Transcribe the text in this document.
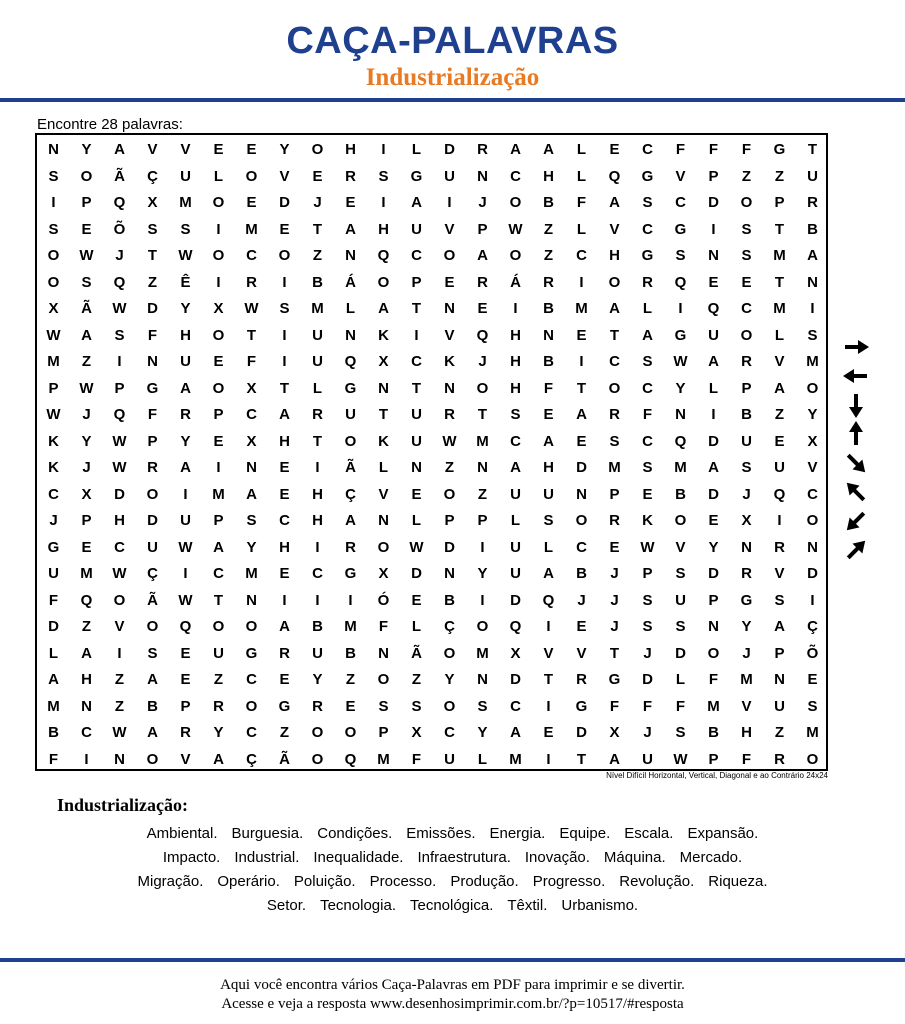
CAÇA-PALAVRAS
Industrialização
Encontre 28 palavras:
N	Y	A	V	V	E	E	Y	O	H	I	L	D	R	A	A	L	E	C	F	F	F	G	T
S	O	Ã	Ç	U	L	O	V	E	R	S	G	U	N	C	H	L	Q	G	V	P	Z	Z	U
I	P	Q	X	M	O	E	D	J	E	I	A	I	J	O	B	F	A	S	C	D	O	P	R
S	E	Õ	S	S	I	M	E	T	A	H	U	V	P	W	Z	L	V	C	G	I	S	T	B
O	W	J	T	W	O	C	O	Z	N	Q	C	O	A	O	Z	C	H	G	S	N	S	M	A
O	S	Q	Z	Ê	I	R	I	B	Á	O	P	E	R	Á	R	I	O	R	Q	E	E	T	N
X	Ã	W	D	Y	X	W	S	M	L	A	T	N	E	I	B	M	A	L	I	Q	C	M	I
W	A	S	F	H	O	T	I	U	N	K	I	V	Q	H	N	E	T	A	G	U	O	L	S
M	Z	I	N	U	E	F	I	U	Q	X	C	K	J	H	B	I	C	S	W	A	R	V	M
P	W	P	G	A	O	X	T	L	G	N	T	N	O	H	F	T	O	C	Y	L	P	A	O
W	J	Q	F	R	P	C	A	R	U	T	U	R	T	S	E	A	R	F	N	I	B	Z	Y
K	Y	W	P	Y	E	X	H	T	O	K	U	W	M	C	A	E	S	C	Q	D	U	E	X
K	J	W	R	A	I	N	E	I	Ã	L	N	Z	N	A	H	D	M	S	M	A	S	U	V
C	X	D	O	I	M	A	E	H	Ç	V	E	O	Z	U	U	N	P	E	B	D	J	Q	C
J	P	H	D	U	P	S	C	H	A	N	L	P	P	L	S	O	R	K	O	E	X	I	O
G	E	C	U	W	A	Y	H	I	R	O	W	D	I	U	L	C	E	W	V	Y	N	R	N
U	M	W	Ç	I	C	M	E	C	G	X	D	N	Y	U	A	B	J	P	S	D	R	V	D
F	Q	O	Ã	W	T	N	I	I	I	Ó	E	B	I	D	Q	J	J	S	U	P	G	S	I
D	Z	V	O	Q	O	O	A	B	M	F	L	Ç	O	Q	I	E	J	S	S	N	Y	A	Ç
L	A	I	S	E	U	G	R	U	B	N	Ã	O	M	X	V	V	T	J	D	O	J	P	Õ
A	H	Z	A	E	Z	C	E	Y	Z	O	Z	Y	N	D	T	R	G	D	L	F	M	N	E
M	N	Z	B	P	R	O	G	R	E	S	S	O	S	C	I	G	F	F	F	M	V	U	S
B	C	W	A	R	Y	C	Z	O	O	P	X	C	Y	A	E	D	X	J	S	B	H	Z	M
F	I	N	O	V	A	Ç	Ã	O	Q	M	F	U	L	M	I	T	A	U	W	P	F	R	O
Nível Difícil Horizontal, Vertical, Diagonal e ao Contrário 24x24
Industrialização:
Ambiental. Burguesia. Condições. Emissões. Energia. Equipe. Escala. Expansão.
Impacto. Industrial. Inequalidade. Infraestrutura. Inovação. Máquina. Mercado.
Migração. Operário. Poluição. Processo. Produção. Progresso. Revolução. Riqueza.
Setor. Tecnologia. Tecnológica. Têxtil. Urbanismo.
Aqui você encontra vários Caça-Palavras em PDF para imprimir e se divertir.
Acesse e veja a resposta www.desenhosimprimir.com.br/?p=10517/#resposta
